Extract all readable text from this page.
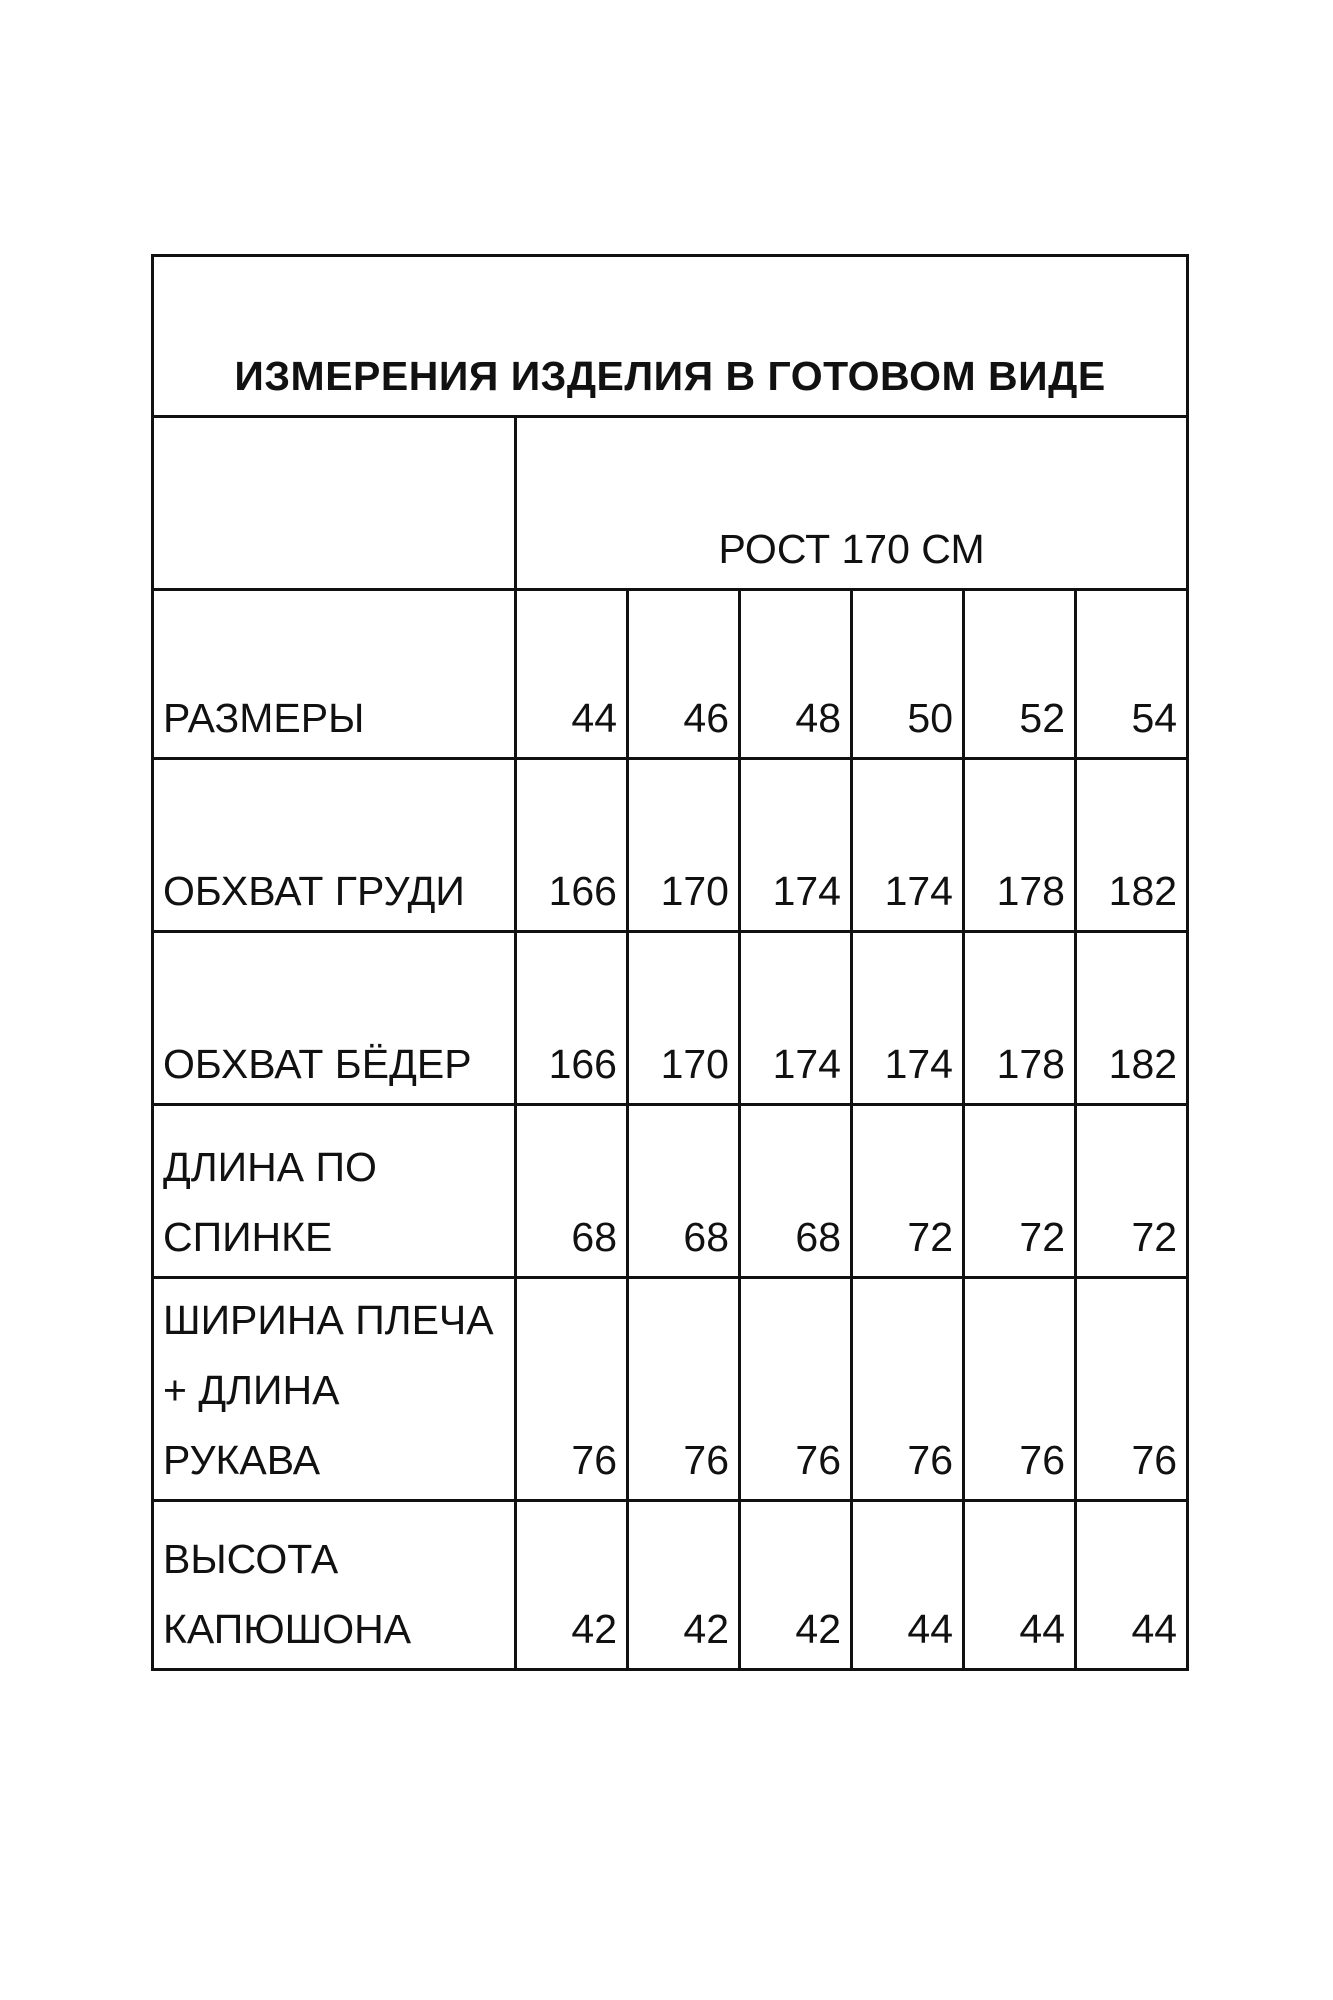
ИЗМЕРЕНИЯ ИЗДЕЛИЯ В ГОТОВОМ ВИДЕ						
	РОСТ 170 СМ					

РАЗМЕРЫ	44	46	48	50	52	54

ОБХВАТ ГРУДИ	166	170	174	174	178	182

ОБХВАТ БЁДЕР	166	170	174	174	178	182

ДЛИНА ПО
СПИНКЕ	68	68	68	72	72	72

ШИРИНА ПЛЕЧА
+ ДЛИНА
РУКАВА	76	76	76	76	76	76

ВЫСОТА
КАПЮШОНА	42	42	42	44	44	44
